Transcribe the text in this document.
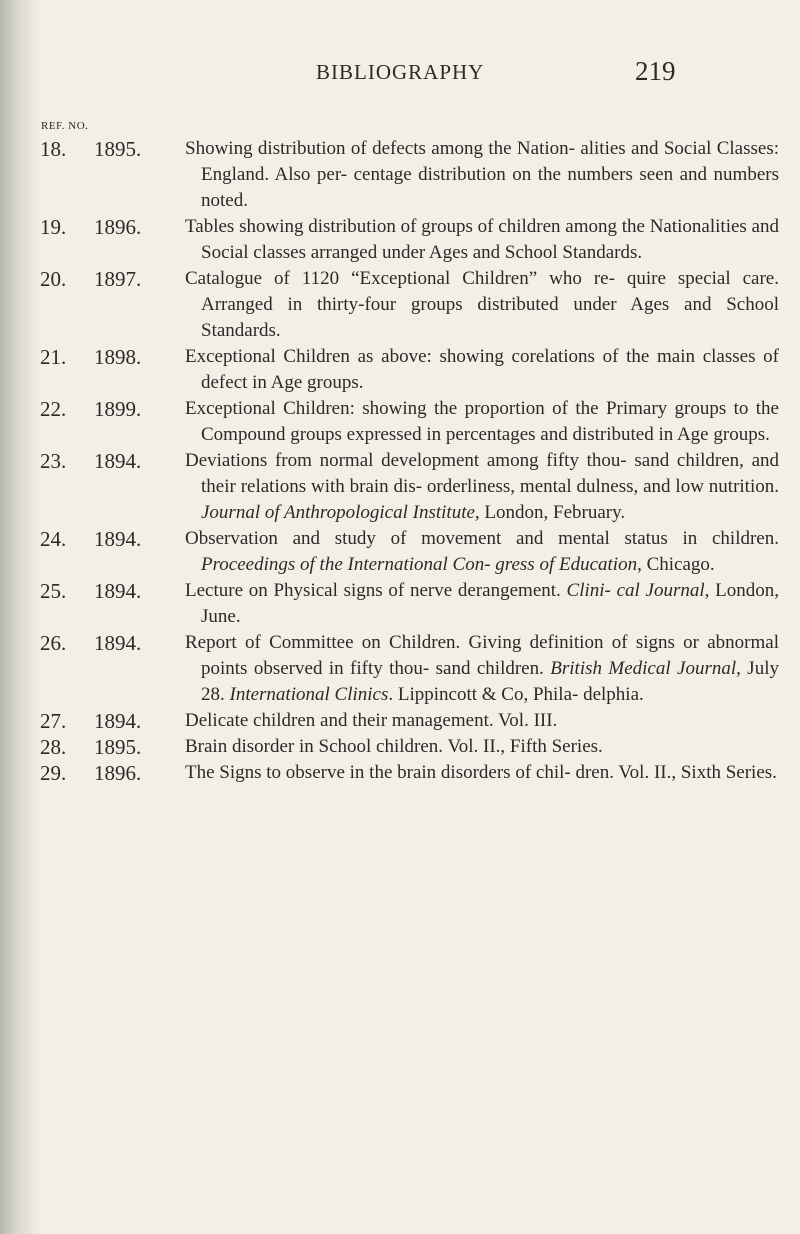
BIBLIOGRAPHY	219
REF. NO.
18.	1895.	Showing distribution of defects among the Nation- alities and Social Classes: England. Also per- centage distribution on the numbers seen and numbers noted.
19.	1896.	Tables showing distribution of groups of children among the Nationalities and Social classes arranged under Ages and School Standards.
20.	1897.	Catalogue of 1120 “Exceptional Children” who re- quire special care. Arranged in thirty-four groups distributed under Ages and School Standards.
21.	1898.	Exceptional Children as above: showing corelations of the main classes of defect in Age groups.
22.	1899.	Exceptional Children: showing the proportion of the Primary groups to the Compound groups expressed in percentages and distributed in Age groups.
23.	1894.	Deviations from normal development among fifty thou- sand children, and their relations with brain dis- orderliness, mental dulness, and low nutrition. Journal of Anthropological Institute, London, February.
24.	1894.	Observation and study of movement and mental status in children. Proceedings of the International Con- gress of Education, Chicago.
25.	1894.	Lecture on Physical signs of nerve derangement. Clini- cal Journal, London, June.
26.	1894.	Report of Committee on Children. Giving definition of signs or abnormal points observed in fifty thou- sand children. British Medical Journal, July 28. International Clinics. Lippincott & Co, Phila- delphia.
27.	1894.	Delicate children and their management. Vol. III.
28.	1895.	Brain disorder in School children. Vol. II., Fifth Series.
29.	1896.	The Signs to observe in the brain disorders of chil- dren. Vol. II., Sixth Series.
